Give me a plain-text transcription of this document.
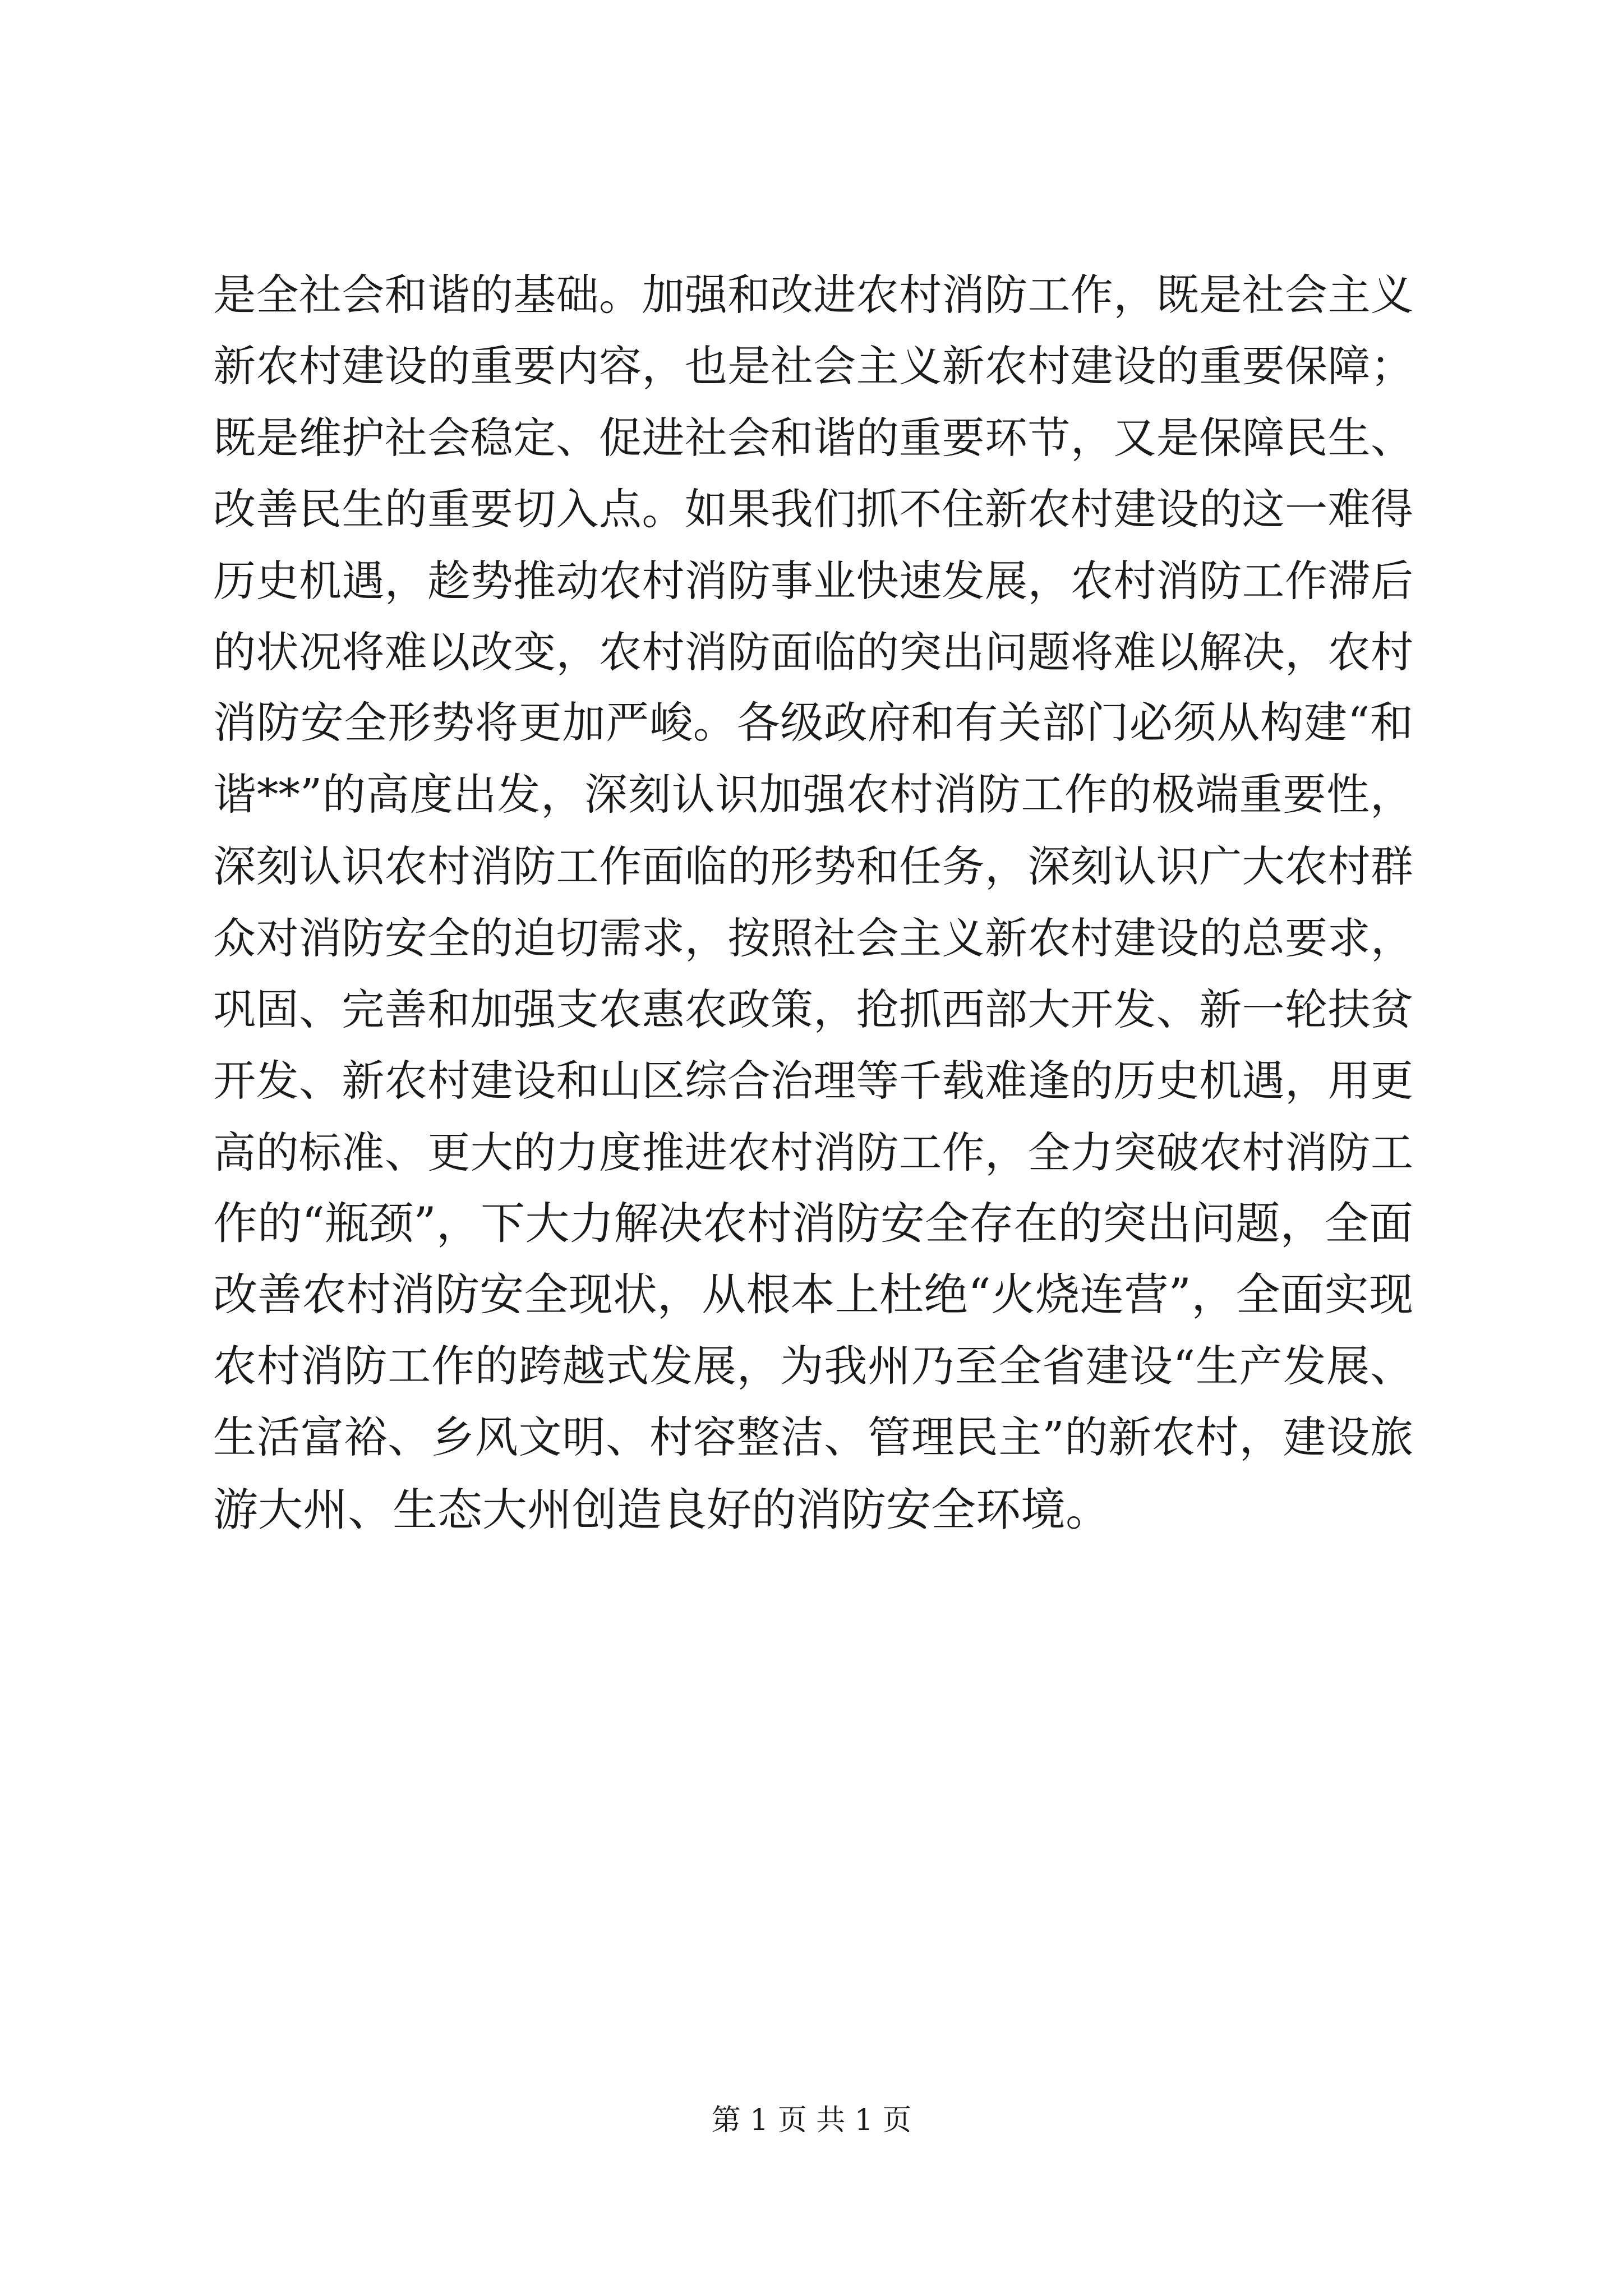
是全社会和谐的基础。加强和改进农村消防工作，既是社会主义
新农村建设的重要内容，也是社会主义新农村建设的重要保障；
既是维护社会稳定、促进社会和谐的重要环节，又是保障民生、
改善民生的重要切入点。如果我们抓不住新农村建设的这一难得
历史机遇，趁势推动农村消防事业快速发展，农村消防工作滞后
的状况将难以改变，农村消防面临的突出问题将难以解决，农村
消防安全形势将更加严峻。各级政府和有关部门必须从构建“和
谐**”的高度出发，深刻认识加强农村消防工作的极端重要性，
深刻认识农村消防工作面临的形势和任务，深刻认识广大农村群
众对消防安全的迫切需求，按照社会主义新农村建设的总要求，
巩固、完善和加强支农惠农政策，抢抓西部大开发、新一轮扶贫
开发、新农村建设和山区综合治理等千载难逢的历史机遇，用更
高的标准、更大的力度推进农村消防工作，全力突破农村消防工
作的“瓶颈”，下大力解决农村消防安全存在的突出问题，全面
改善农村消防安全现状，从根本上杜绝“火烧连营”，全面实现
农村消防工作的跨越式发展，为我州乃至全省建设“生产发展、
生活富裕、乡风文明、村容整洁、管理民主”的新农村，建设旅
游大州、生态大州创造良好的消防安全环境。
第 1 页 共 1 页
